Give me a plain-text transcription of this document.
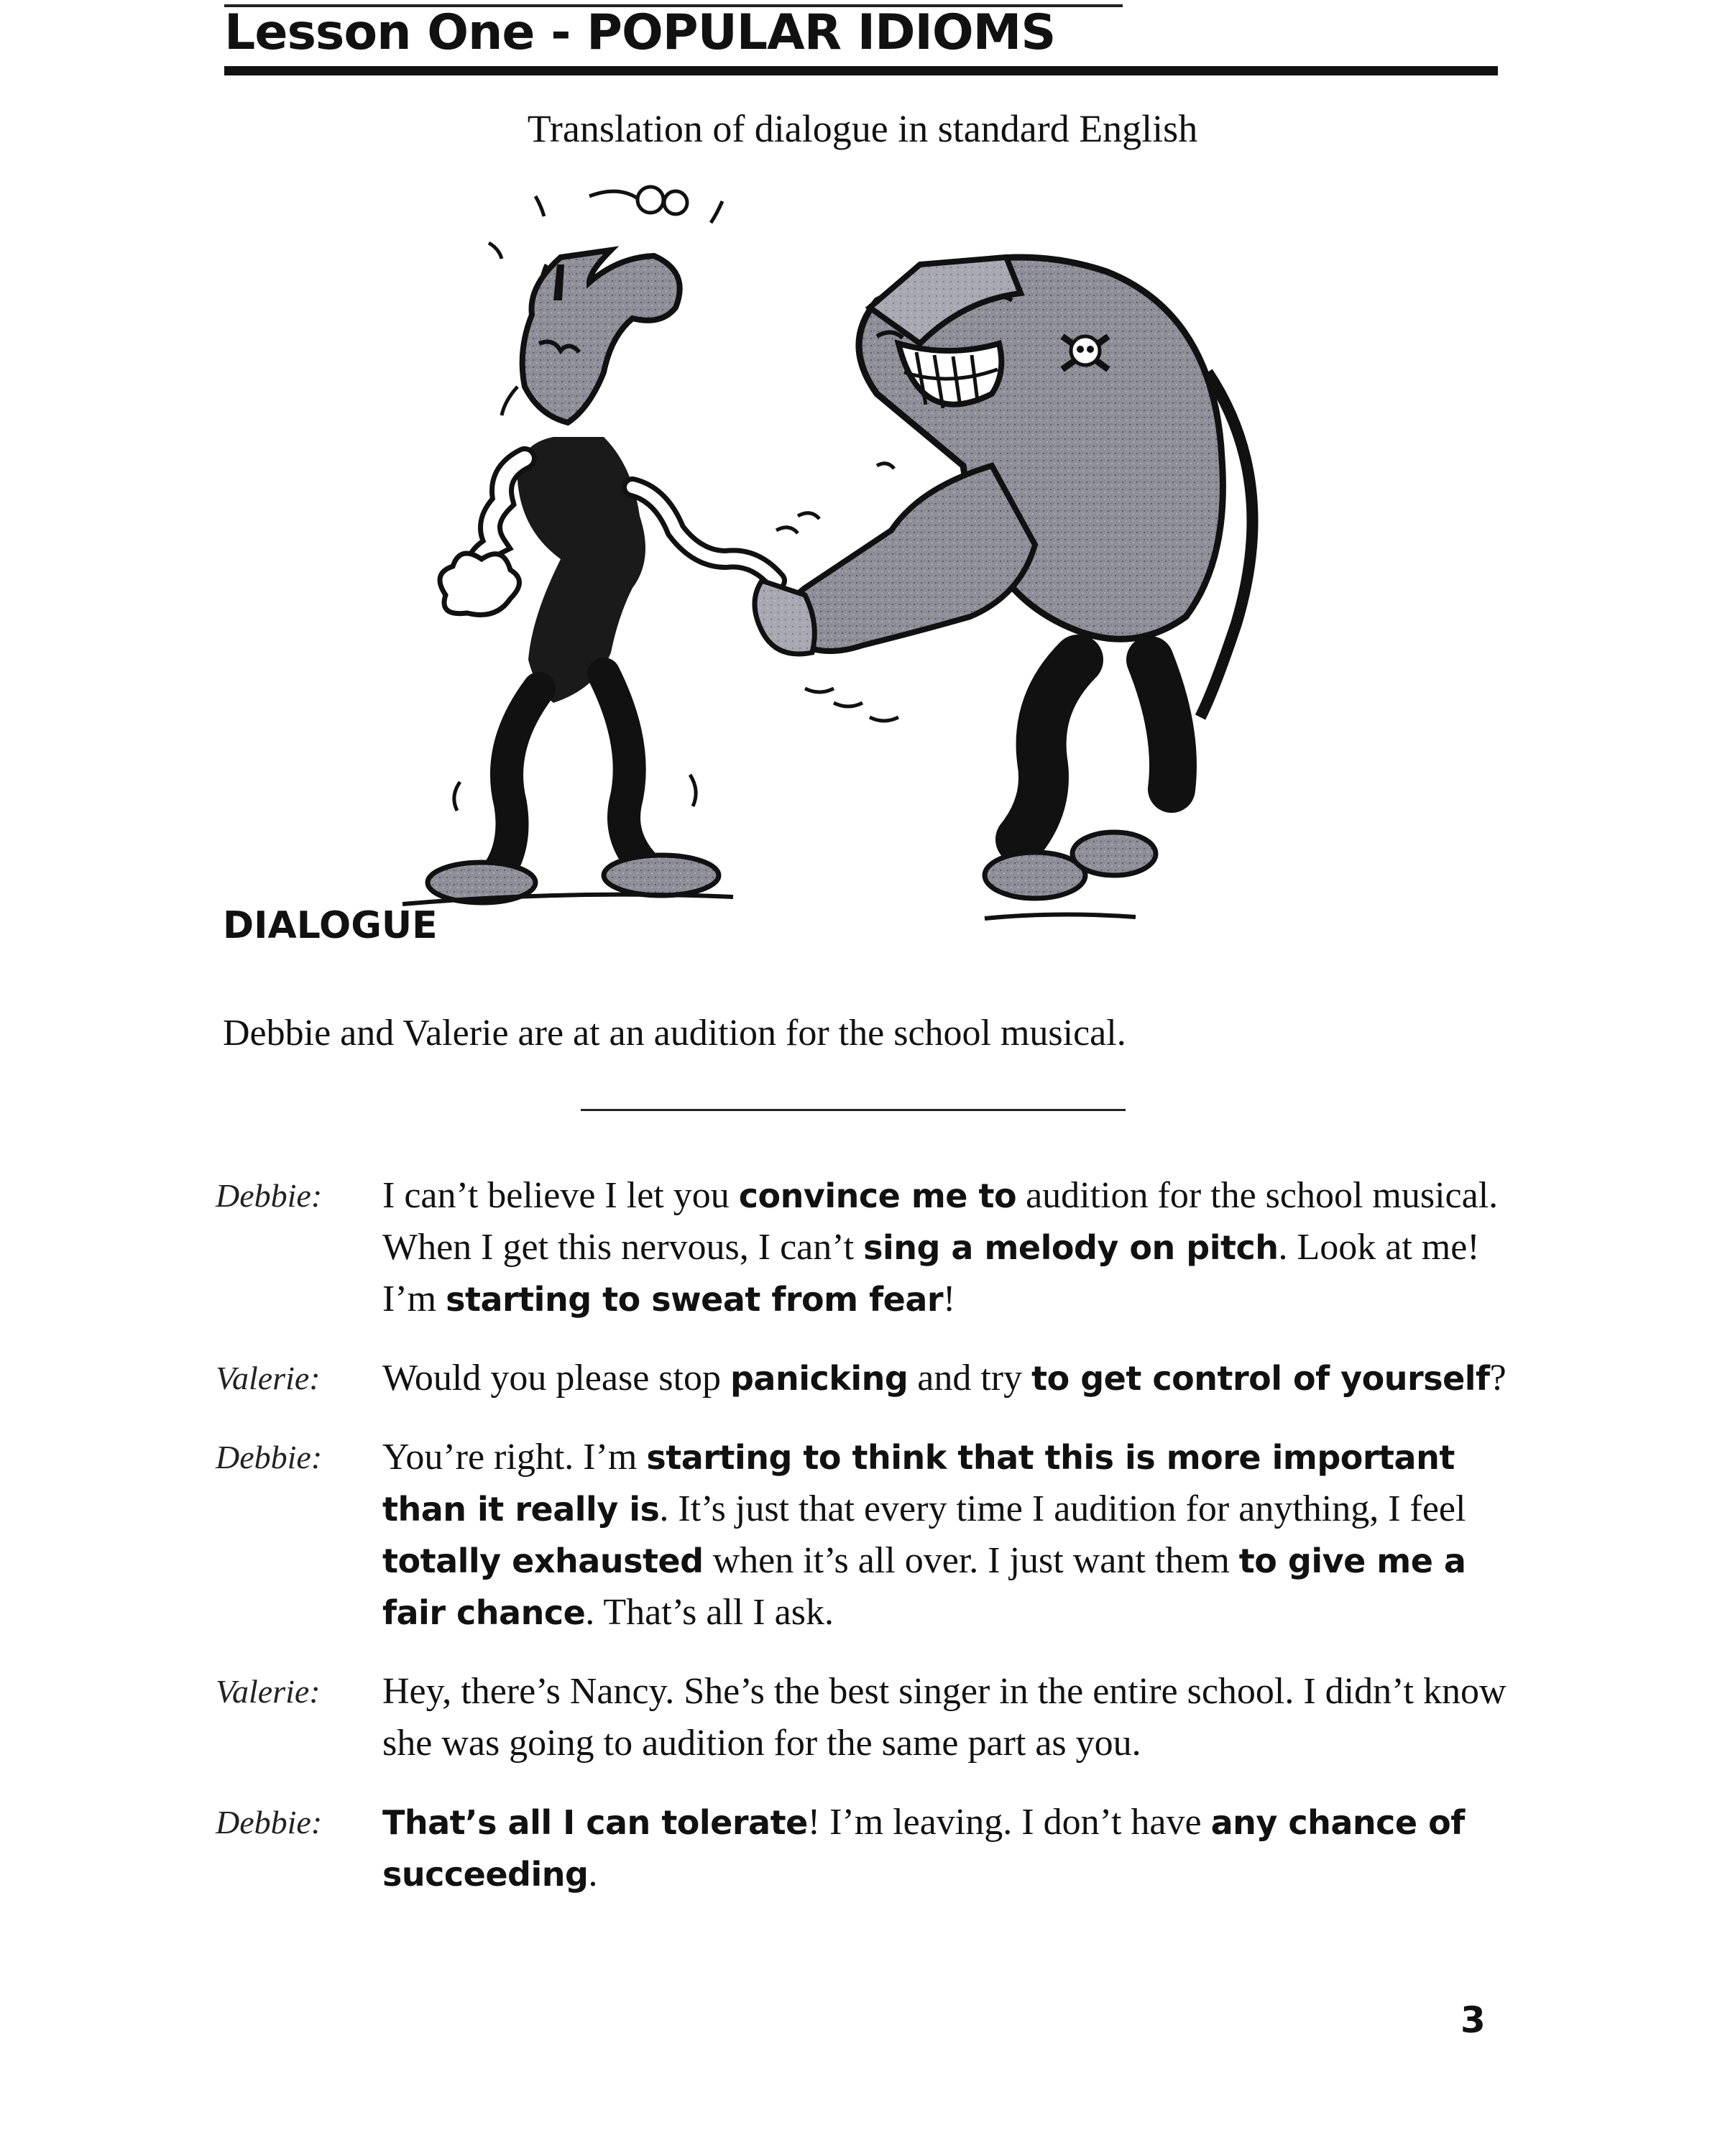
Lesson One - POPULAR IDIOMS
Translation of dialogue in standard English
DIALOGUE
Debbie and Valerie are at an audition for the school musical.
Debbie:	I can’t believe I let you convince me to audition for the school musical. When I get this nervous, I can’t sing a melody on pitch. Look at me! I’m starting to sweat from fear!
Valerie:	Would you please stop panicking and try to get control of yourself?
Debbie:	You’re right. I’m starting to think that this is more important than it really is. It’s just that every time I audition for anything, I feel totally exhausted when it’s all over. I just want them to give me a fair chance. That’s all I ask.
Valerie:	Hey, there’s Nancy. She’s the best singer in the entire school. I didn’t know she was going to audition for the same part as you.
Debbie:	That’s all I can tolerate! I’m leaving. I don’t have any chance of succeeding.
3
